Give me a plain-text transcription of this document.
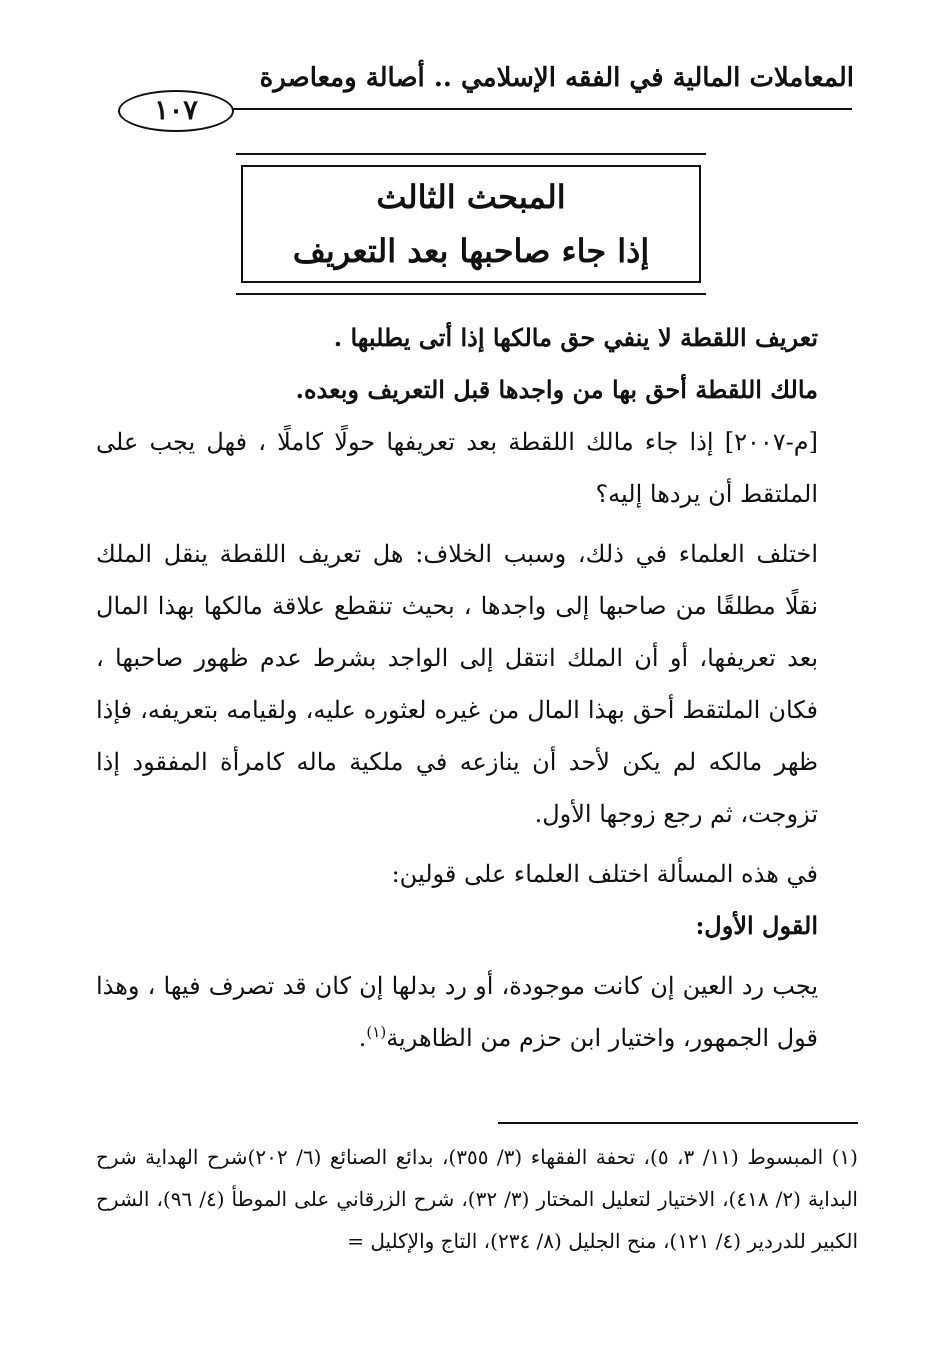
المعاملات المالية في الفقه الإسلامي .. أصالة ومعاصرة
١٠٧
المبحث الثالث
إذا جاء صاحبها بعد التعريف

تعريف اللقطة لا ينفي حق مالكها إذا أتى يطلبها .

مالك اللقطة أحق بها من واجدها قبل التعريف وبعده.

[م-٢٠٠٧] إذا جاء مالك اللقطة بعد تعريفها حولًا كاملًا ، فهل يجب على الملتقط أن يردها إليه؟

اختلف العلماء في ذلك، وسبب الخلاف: هل تعريف اللقطة ينقل الملك نقلًا مطلقًا من صاحبها إلى واجدها ، بحيث تنقطع علاقة مالكها بهذا المال بعد تعريفها، أو أن الملك انتقل إلى الواجد بشرط عدم ظهور صاحبها ، فكان الملتقط أحق بهذا المال من غيره لعثوره عليه، ولقيامه بتعريفه، فإذا ظهر مالكه لم يكن لأحد أن ينازعه في ملكية ماله كامرأة المفقود إذا تزوجت، ثم رجع زوجها الأول.

في هذه المسألة اختلف العلماء على قولين:

القول الأول:

يجب رد العين إن كانت موجودة، أو رد بدلها إن كان قد تصرف فيها ، وهذا قول الجمهور، واختيار ابن حزم من الظاهرية$^{(١)}$.

(١) المبسوط (١١/ ٣، ٥)، تحفة الفقهاء (٣/ ٣٥٥)، بدائع الصنائع (٦/ ٢٠٢)شرح الهداية شرح البداية (٢/ ٤١٨)، الاختيار لتعليل المختار (٣/ ٣٢)، شرح الزرقاني على الموطأ (٤/ ٩٦)، الشرح الكبير للدردير (٤/ ١٢١)، منح الجليل (٨/ ٢٣٤)، التاج والإكليل =
